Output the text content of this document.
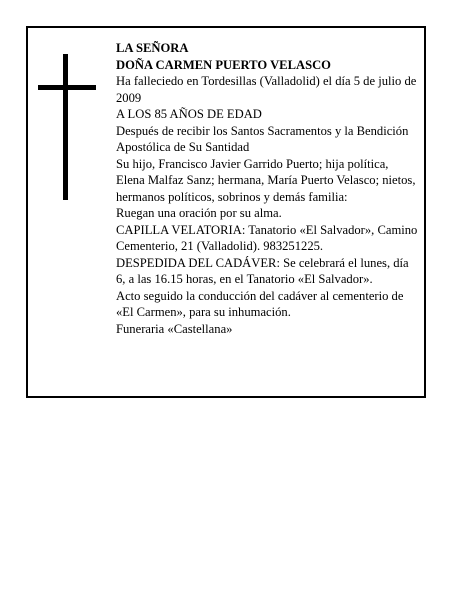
LA SEÑORA

DOÑA CARMEN PUERTO VELASCO

Ha falleciedo en Tordesillas (Valladolid) el día 5 de julio de 2009

A LOS 85 AÑOS DE EDAD

Después de recibir los Santos Sacramentos y la Bendición Apostólica de Su Santidad

Su hijo, Francisco Javier Garrido Puerto; hija política, Elena Malfaz Sanz; hermana, María Puerto Velasco; nietos, hermanos políticos, sobrinos y demás familia:

Ruegan una oración por su alma.

CAPILLA VELATORIA: Tanatorio «El Salvador», Camino Cementerio, 21 (Valladolid). 983251225.

DESPEDIDA DEL CADÁVER: Se celebrará el lunes, día 6, a las 16.15 horas, en el Tanatorio «El Salvador».

Acto seguido la conducción del cadáver al cementerio de «El Carmen», para su inhumación.

Funeraria «Castellana»
